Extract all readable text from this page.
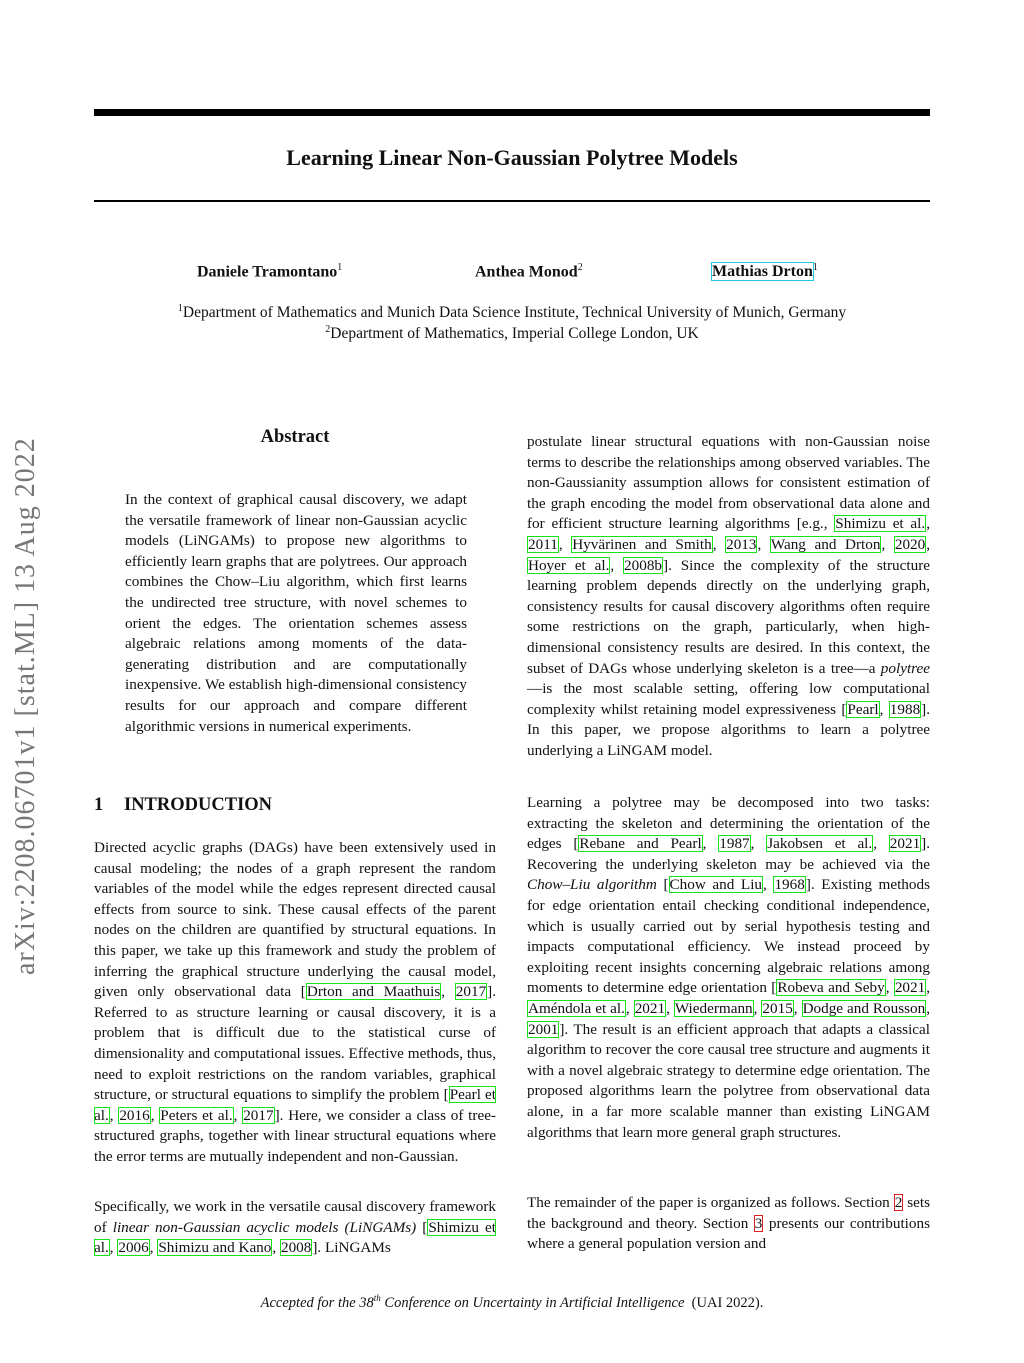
Learning Linear Non-Gaussian Polytree Models
arXiv:2208.06701v1 [stat.ML] 13 Aug 2022
Daniele Tramontano$^1$	Anthea Monod$^2$	Mathias Drton$^1$
$^1$Department of Mathematics and Munich Data Science Institute, Technical University of Munich, Germany
$^2$Department of Mathematics, Imperial College London, UK
Abstract
In the context of graphical causal discovery, we adapt the versatile framework of linear non-Gaussian acyclic models (LiNGAMs) to propose new algorithms to efficiently learn graphs that are polytrees. Our approach combines the Chow–Liu algorithm, which first learns the undirected tree structure, with novel schemes to orient the edges. The orientation schemes assess algebraic relations among moments of the data-generating distribution and are computationally inexpensive. We establish high-dimensional consistency results for our approach and compare different algorithmic versions in numerical experiments.
1 INTRODUCTION
Directed acyclic graphs (DAGs) have been extensively used in causal modeling; the nodes of a graph represent the random variables of the model while the edges represent directed causal effects from source to sink. These causal effects of the parent nodes on the children are quantified by structural equations. In this paper, we take up this framework and study the problem of inferring the graphical structure underlying the causal model, given only observational data [Drton and Maathuis, 2017]. Referred to as structure learning or causal discovery, it is a problem that is difficult due to the statistical curse of dimensionality and computational issues. Effective methods, thus, need to exploit restrictions on the random variables, graphical structure, or structural equations to simplify the problem [Pearl et al., 2016, Peters et al., 2017]. Here, we consider a class of tree-structured graphs, together with linear structural equations where the error terms are mutually independent and non-Gaussian.
Specifically, we work in the versatile causal discovery framework of linear non-Gaussian acyclic models (LiNGAMs) [Shimizu et al., 2006, Shimizu and Kano, 2008]. LiNGAMs
postulate linear structural equations with non-Gaussian noise terms to describe the relationships among observed variables. The non-Gaussianity assumption allows for consistent estimation of the graph encoding the model from observational data alone and for efficient structure learning algorithms [e.g., Shimizu et al., 2011, Hyvärinen and Smith, 2013, Wang and Drton, 2020, Hoyer et al., 2008b]. Since the complexity of the structure learning problem depends directly on the underlying graph, consistency results for causal discovery algorithms often require some restrictions on the graph, particularly, when high-dimensional consistency results are desired. In this context, the subset of DAGs whose underlying skeleton is a tree—a polytree—is the most scalable setting, offering low computational complexity whilst retaining model expressiveness [Pearl, 1988]. In this paper, we propose algorithms to learn a polytree underlying a LiNGAM model.
Learning a polytree may be decomposed into two tasks: extracting the skeleton and determining the orientation of the edges [Rebane and Pearl, 1987, Jakobsen et al., 2021]. Recovering the underlying skeleton may be achieved via the Chow–Liu algorithm [Chow and Liu, 1968]. Existing methods for edge orientation entail checking conditional independence, which is usually carried out by serial hypothesis testing and impacts computational efficiency. We instead proceed by exploiting recent insights concerning algebraic relations among moments to determine edge orientation [Robeva and Seby, 2021, Améndola et al., 2021, Wiedermann, 2015, Dodge and Rousson, 2001]. The result is an efficient approach that adapts a classical algorithm to recover the core causal tree structure and augments it with a novel algebraic strategy to determine edge orientation. The proposed algorithms learn the polytree from observational data alone, in a far more scalable manner than existing LiNGAM algorithms that learn more general graph structures.
The remainder of the paper is organized as follows. Section 2 sets the background and theory. Section 3 presents our contributions where a general population version and
Accepted for the 38th Conference on Uncertainty in Artificial Intelligence (UAI 2022).
